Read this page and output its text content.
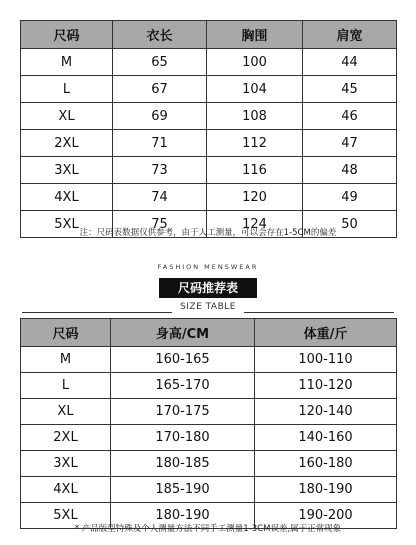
尺码	衣长	胸围	肩宽
M	65	100	44
L	67	104	45
XL	69	108	46
2XL	71	112	47
3XL	73	116	48
4XL	74	120	49
5XL	75	124	50
注：尺码表数据仅供参考，由于人工测量，可以会存在1-5CM的偏差
FASHION MENSWEAR
尺码推荐表
SIZE TABLE
尺码	身高/CM	体重/斤
M	160-165	100-110
L	165-170	110-120
XL	170-175	120-140
2XL	170-180	140-160
3XL	180-185	160-180
4XL	185-190	180-190
5XL	180-190	190-200
* 产品版型特殊及个人测量方法不同手工测量1-3CM误差,属于正常现象
